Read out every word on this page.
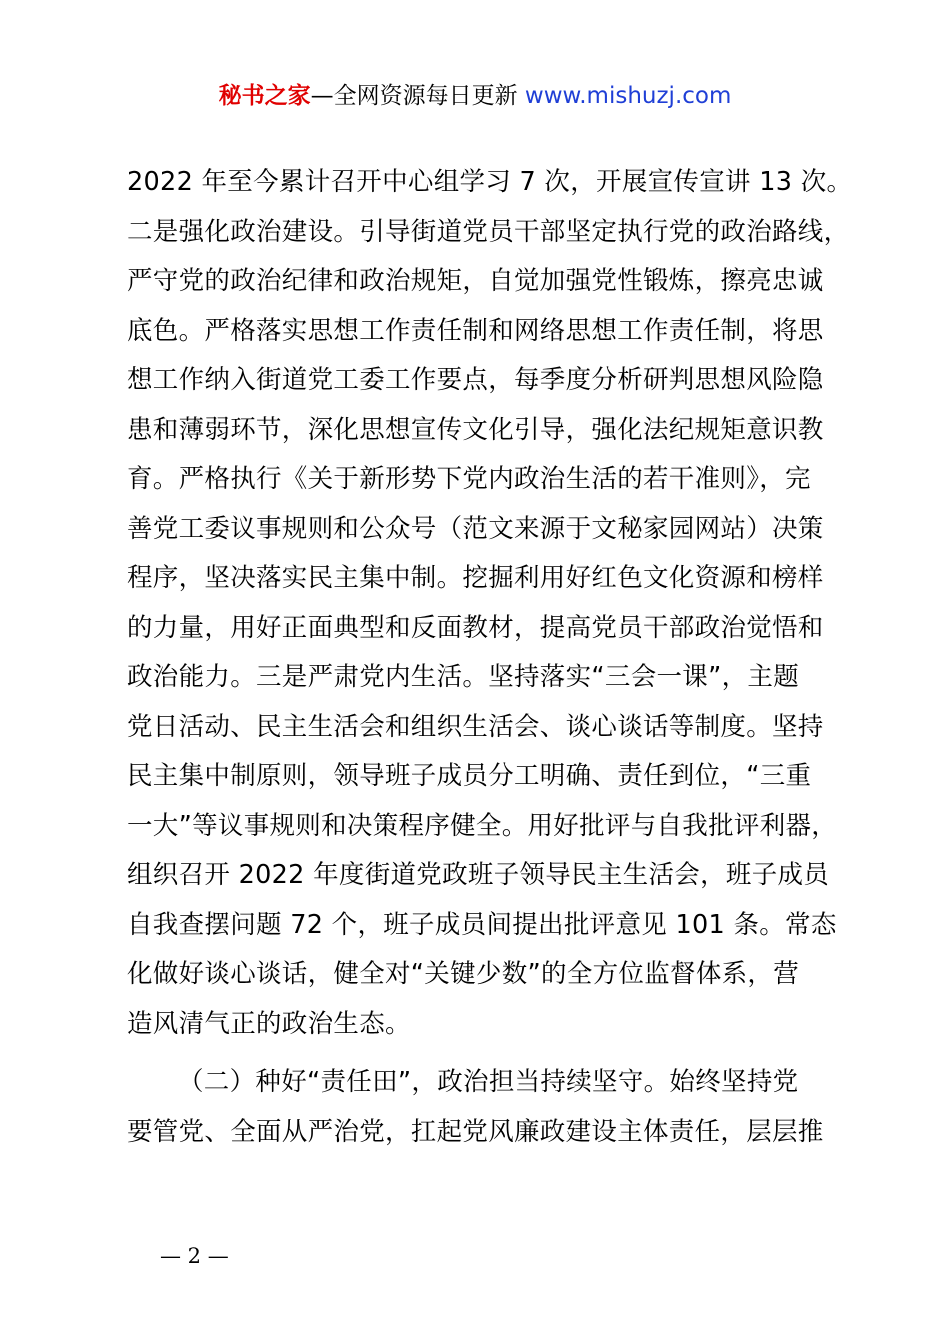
秘书之家—全网资源每日更新 www.mishuzj.com
2022 年至今累计召开中心组学习 7 次，开展宣传宣讲 13 次。
二是强化政治建设。引导街道党员干部坚定执行党的政治路线，
严守党的政治纪律和政治规矩，自觉加强党性锻炼，擦亮忠诚
底色。严格落实思想工作责任制和网络思想工作责任制，将思
想工作纳入街道党工委工作要点，每季度分析研判思想风险隐
患和薄弱环节，深化思想宣传文化引导，强化法纪规矩意识教
育。严格执行《关于新形势下党内政治生活的若干准则》，完
善党工委议事规则和公众号（范文来源于文秘家园网站）决策
程序，坚决落实民主集中制。挖掘利用好红色文化资源和榜样
的力量，用好正面典型和反面教材，提高党员干部政治觉悟和
政治能力。三是严肃党内生活。坚持落实“三会一课”，主题
党日活动、民主生活会和组织生活会、谈心谈话等制度。坚持
民主集中制原则，领导班子成员分工明确、责任到位，“三重
一大”等议事规则和决策程序健全。用好批评与自我批评利器，
组织召开 2022 年度街道党政班子领导民主生活会，班子成员
自我查摆问题 72 个，班子成员间提出批评意见 101 条。常态
化做好谈心谈话，健全对“关键少数”的全方位监督体系，营
造风清气正的政治生态。
（二）种好“责任田”，政治担当持续坚守。始终坚持党
要管党、全面从严治党，扛起党风廉政建设主体责任，层层推
— 2 —
